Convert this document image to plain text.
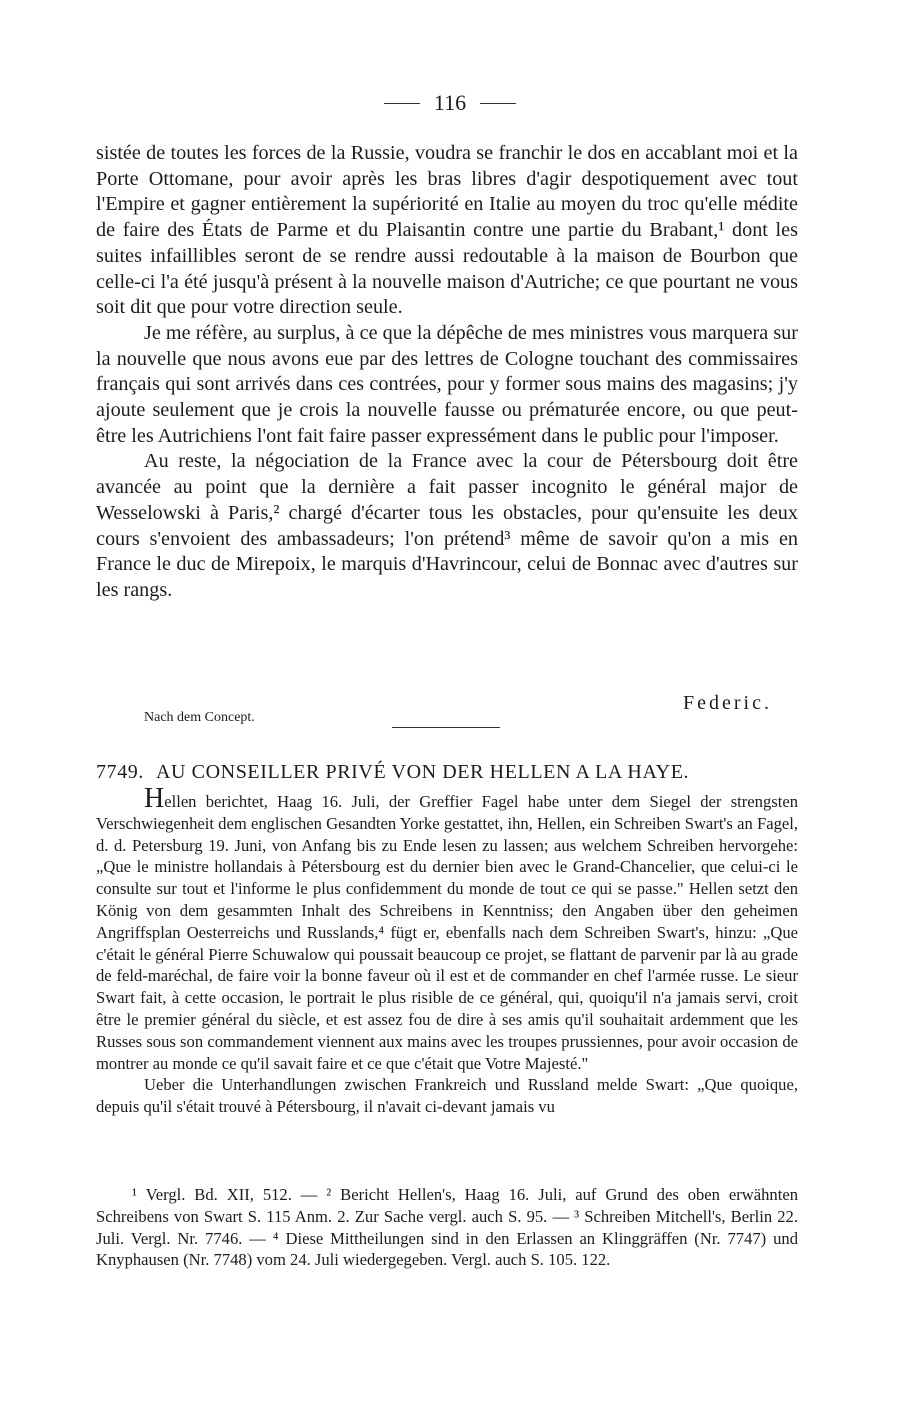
116

sistée de toutes les forces de la Russie, voudra se franchir le dos en accablant moi et la Porte Ottomane, pour avoir après les bras libres d'agir despotiquement avec tout l'Empire et gagner entièrement la supériorité en Italie au moyen du troc qu'elle médite de faire des États de Parme et du Plaisantin contre une partie du Brabant,¹ dont les suites infaillibles seront de se rendre aussi redoutable à la maison de Bourbon que celle-ci l'a été jusqu'à présent à la nouvelle maison d'Autriche; ce que pourtant ne vous soit dit que pour votre direction seule.

Je me réfère, au surplus, à ce que la dépêche de mes ministres vous marquera sur la nouvelle que nous avons eue par des lettres de Cologne touchant des commissaires français qui sont arrivés dans ces contrées, pour y former sous mains des magasins; j'y ajoute seulement que je crois la nouvelle fausse ou prématurée encore, ou que peut-être les Autrichiens l'ont fait faire passer expressément dans le public pour l'imposer.

Au reste, la négociation de la France avec la cour de Pétersbourg doit être avancée au point que la dernière a fait passer incognito le général major de Wesselowski à Paris,² chargé d'écarter tous les obstacles, pour qu'ensuite les deux cours s'envoient des ambassadeurs; l'on prétend³ même de savoir qu'on a mis en France le duc de Mirepoix, le marquis d'Havrincour, celui de Bonnac avec d'autres sur les rangs.

Federic.
Nach dem Concept.
7749. AU CONSEILLER PRIVÉ VON DER HELLEN A LA HAYE.

Hellen berichtet, Haag 16. Juli, der Greffier Fagel habe unter dem Siegel der strengsten Verschwiegenheit dem englischen Gesandten Yorke gestattet, ihn, Hellen, ein Schreiben Swart's an Fagel, d. d. Petersburg 19. Juni, von Anfang bis zu Ende lesen zu lassen; aus welchem Schreiben hervorgehe: „Que le ministre hollandais à Pétersbourg est du dernier bien avec le Grand-Chancelier, que celui-ci le consulte sur tout et l'informe le plus confidemment du monde de tout ce qui se passe." Hellen setzt den König von dem gesammten Inhalt des Schreibens in Kenntniss; den Angaben über den geheimen Angriffsplan Oesterreichs und Russlands,⁴ fügt er, ebenfalls nach dem Schreiben Swart's, hinzu: „Que c'était le général Pierre Schuwalow qui poussait beaucoup ce projet, se flattant de parvenir par là au grade de feld-maréchal, de faire voir la bonne faveur où il est et de commander en chef l'armée russe. Le sieur Swart fait, à cette occasion, le portrait le plus risible de ce général, qui, quoiqu'il n'a jamais servi, croit être le premier général du siècle, et est assez fou de dire à ses amis qu'il souhaitait ardemment que les Russes sous son commandement viennent aux mains avec les troupes prussiennes, pour avoir occasion de montrer au monde ce qu'il savait faire et ce que c'était que Votre Majesté."

Ueber die Unterhandlungen zwischen Frankreich und Russland melde Swart: „Que quoique, depuis qu'il s'était trouvé à Pétersbourg, il n'avait ci-devant jamais vu

¹ Vergl. Bd. XII, 512. — ² Bericht Hellen's, Haag 16. Juli, auf Grund des oben erwähnten Schreibens von Swart S. 115 Anm. 2. Zur Sache vergl. auch S. 95. — ³ Schreiben Mitchell's, Berlin 22. Juli. Vergl. Nr. 7746. — ⁴ Diese Mittheilungen sind in den Erlassen an Klinggräffen (Nr. 7747) und Knyphausen (Nr. 7748) vom 24. Juli wiedergegeben. Vergl. auch S. 105. 122.
